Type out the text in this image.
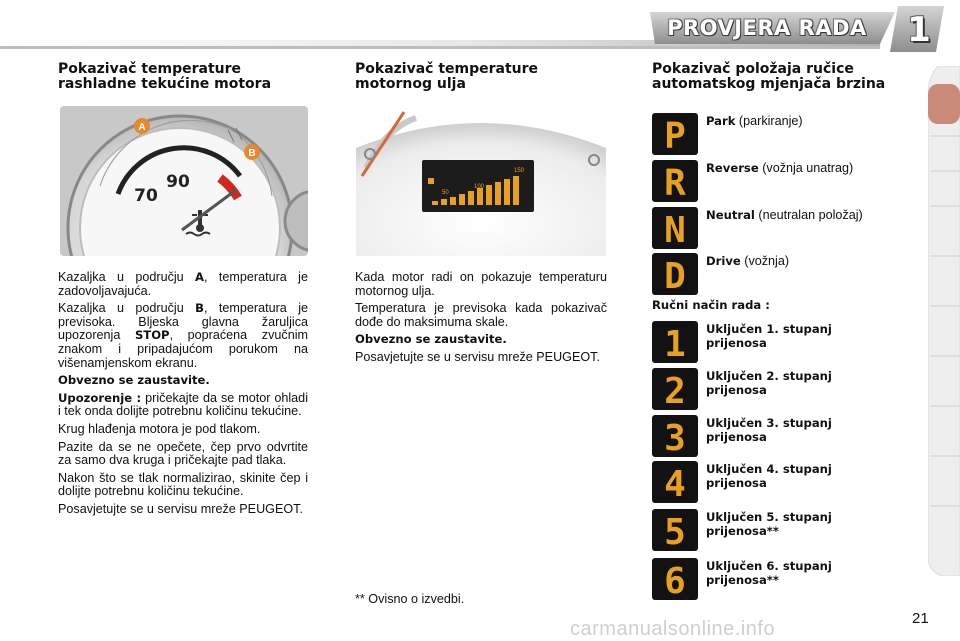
PROVJERA RADA 1
Pokazivač temperature rashladne tekućine motora
A
B
70
90

Kazaljka u području A, temperatura je zadovoljavajuća.

Kazaljka u području B, temperatura je previsoka. Bljeska glavna žaruljica upozorenja STOP, popraćena zvučnim znakom i pripadajućom porukom na višenamjenskom ekranu.

Obvezno se zaustavite.

Upozorenje : pričekajte da se motor ohladi i tek onda dolijte potrebnu količinu tekućine.

Krug hlađenja motora je pod tlakom.

Pazite da se ne opečete, čep prvo odvrtite za samo dva kruga i pričekajte pad tlaka.

Nakon što se tlak normalizirao, skinite čep i dolijte potrebnu količinu tekućine.

Posavjetujte se u servisu mreže PEUGEOT.

Pokazivač temperature motornog ulja
50
100
150

Kada motor radi on pokazuje temperaturu motornog ulja.

Temperatura je previsoka kada pokazivač dođe do maksimuma skale.

Obvezno se zaustavite.

Posavjetujte se u servisu mreže PEUGEOT.

** Ovisno o izvedbi.
Pokazivač položaja ručice automatskog mjenjača brzina
P Park (parkiranje)
R Reverse (vožnja unatrag)
N Neutral (neutralan položaj)
D Drive (vožnja)
Ručni način rada :
1 Uključen 1. stupanj prijenosa
2 Uključen 2. stupanj prijenosa
3 Uključen 3. stupanj prijenosa
4 Uključen 4. stupanj prijenosa
5 Uključen 5. stupanj prijenosa**
6 Uključen 6. stupanj prijenosa**
carmanualsonline.info	21
